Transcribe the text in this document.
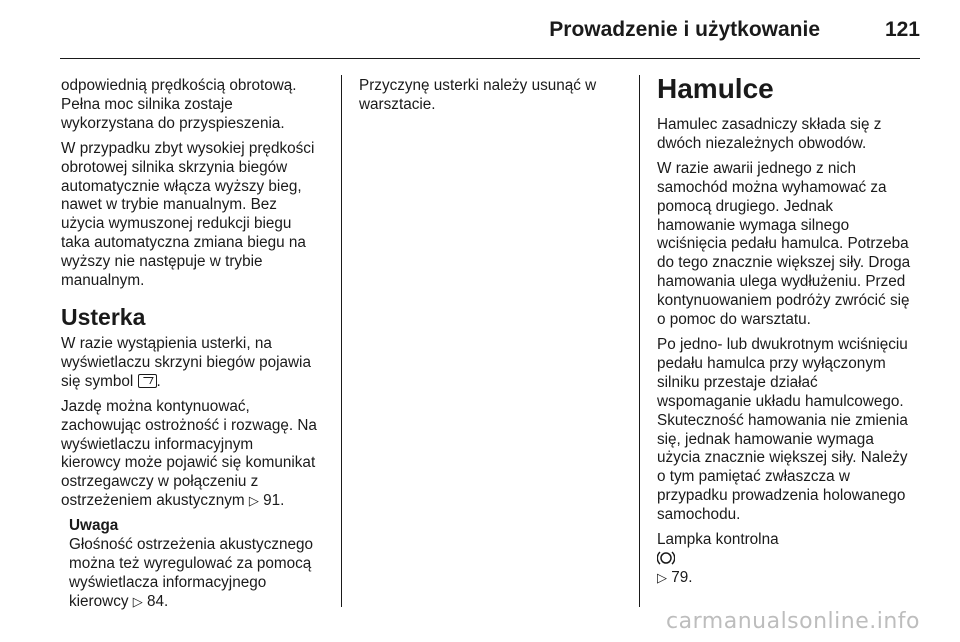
Prowadzenie i użytkowanie	121

odpowiednią prędkością obrotową.
Pełna moc silnika zostaje
wykorzystana do przyspieszenia.

W przypadku zbyt wysokiej prędkości
obrotowej silnika skrzynia biegów
automatycznie włącza wyższy bieg,
nawet w trybie manualnym. Bez
użycia wymuszonej redukcji biegu
taka automatyczna zmiana biegu na
wyższy nie następuje w trybie
manualnym.

Usterka

W razie wystąpienia usterki, na
wyświetlaczu skrzyni biegów pojawia
się symbol .

Jazdę można kontynuować,
zachowując ostrożność i rozwagę. Na
wyświetlaczu informacyjnym
kierowcy może pojawić się komunikat
ostrzegawczy w połączeniu z
ostrzeżeniem akustycznym ▷ 91.

Uwaga

Głośność ostrzeżenia akustycznego
można też wyregulować za pomocą
wyświetlacza informacyjnego
kierowcy ▷ 84.

Przyczynę usterki należy usunąć w
warsztacie.

Hamulce

Hamulec zasadniczy składa się z
dwóch niezależnych obwodów.

W razie awarii jednego z nich
samochód można wyhamować za
pomocą drugiego. Jednak
hamowanie wymaga silnego
wciśnięcia pedału hamulca. Potrzeba
do tego znacznie większej siły. Droga
hamowania ulega wydłużeniu. Przed
kontynuowaniem podróży zwrócić się
o pomoc do warsztatu.

Po jedno- lub dwukrotnym wciśnięciu
pedału hamulca przy wyłączonym
silniku przestaje działać
wspomaganie układu hamulcowego.
Skuteczność hamowania nie zmienia
się, jednak hamowanie wymaga
użycia znacznie większej siły. Należy
o tym pamiętać zwłaszcza w
przypadku prowadzenia holowanego
samochodu.

Lampka kontrolna

▷ 79.

carmanualsonline.info
